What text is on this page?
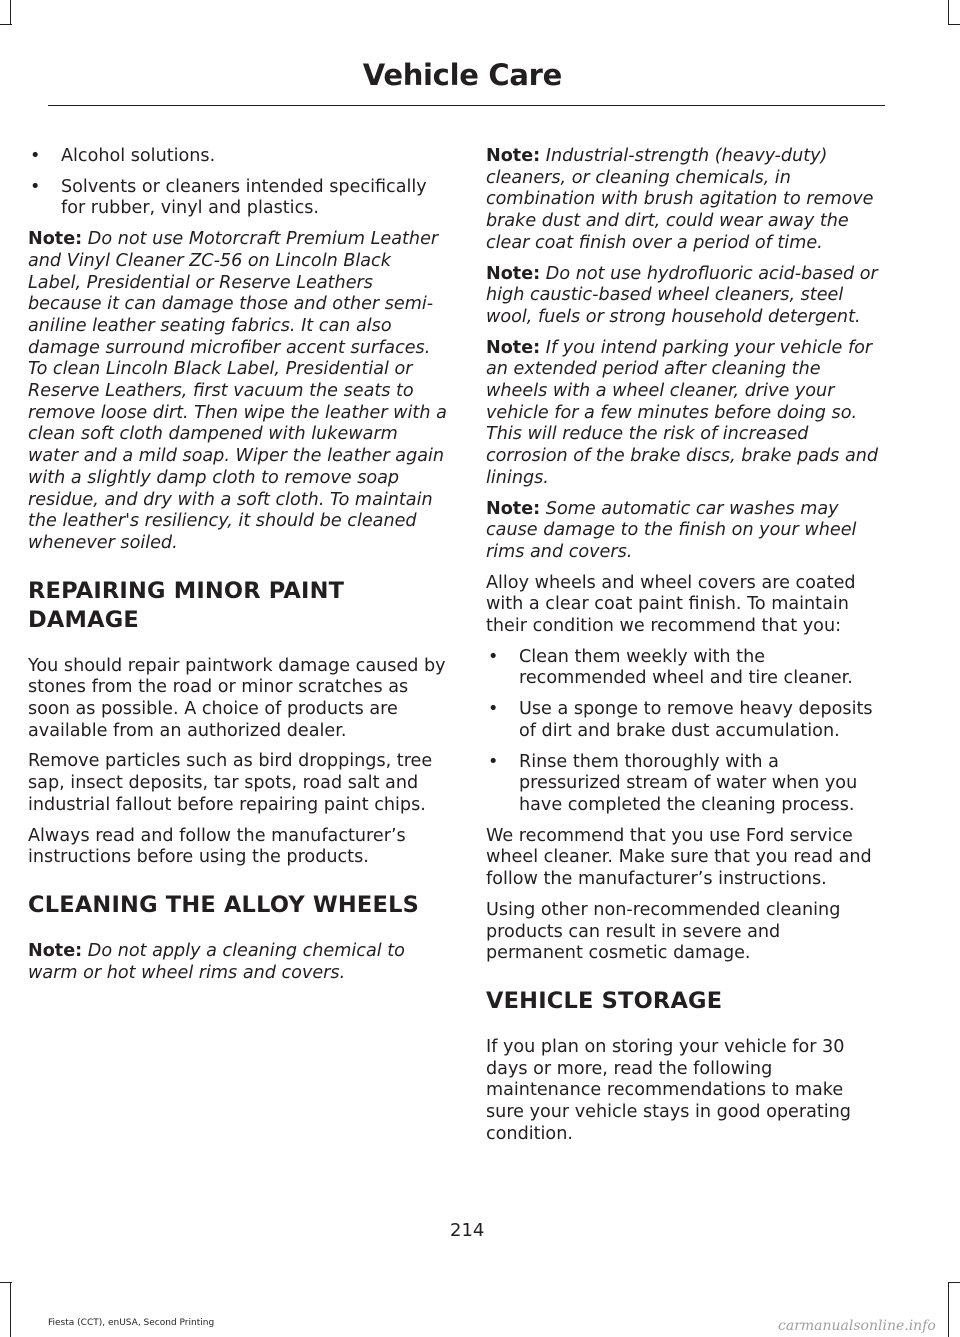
Vehicle Care
• Alcohol solutions.
• Solvents or cleaners intended specifically for rubber, vinyl and plastics.

Note: Do not use Motorcraft Premium Leather and Vinyl Cleaner ZC-56 on Lincoln Black Label, Presidential or Reserve Leathers because it can damage those and other semi-aniline leather seating fabrics. It can also damage surround microfiber accent surfaces. To clean Lincoln Black Label, Presidential or Reserve Leathers, first vacuum the seats to remove loose dirt. Then wipe the leather with a clean soft cloth dampened with lukewarm water and a mild soap. Wiper the leather again with a slightly damp cloth to remove soap residue, and dry with a soft cloth. To maintain the leather's resiliency, it should be cleaned whenever soiled.

REPAIRING MINOR PAINT DAMAGE

You should repair paintwork damage caused by stones from the road or minor scratches as soon as possible. A choice of products are available from an authorized dealer.

Remove particles such as bird droppings, tree sap, insect deposits, tar spots, road salt and industrial fallout before repairing paint chips.

Always read and follow the manufacturer’s instructions before using the products.

CLEANING THE ALLOY WHEELS

Note: Do not apply a cleaning chemical to warm or hot wheel rims and covers.

Note: Industrial-strength (heavy-duty) cleaners, or cleaning chemicals, in combination with brush agitation to remove brake dust and dirt, could wear away the clear coat finish over a period of time.

Note: Do not use hydrofluoric acid-based or high caustic-based wheel cleaners, steel wool, fuels or strong household detergent.

Note: If you intend parking your vehicle for an extended period after cleaning the wheels with a wheel cleaner, drive your vehicle for a few minutes before doing so. This will reduce the risk of increased corrosion of the brake discs, brake pads and linings.

Note: Some automatic car washes may cause damage to the finish on your wheel rims and covers.

Alloy wheels and wheel covers are coated with a clear coat paint finish. To maintain their condition we recommend that you:

• Clean them weekly with the recommended wheel and tire cleaner.
• Use a sponge to remove heavy deposits of dirt and brake dust accumulation.
• Rinse them thoroughly with a pressurized stream of water when you have completed the cleaning process.

We recommend that you use Ford service wheel cleaner. Make sure that you read and follow the manufacturer’s instructions.

Using other non-recommended cleaning products can result in severe and permanent cosmetic damage.

VEHICLE STORAGE

If you plan on storing your vehicle for 30 days or more, read the following maintenance recommendations to make sure your vehicle stays in good operating condition.

214
Fiesta (CCT), enUSA, Second Printing	carmanualsonline.info
